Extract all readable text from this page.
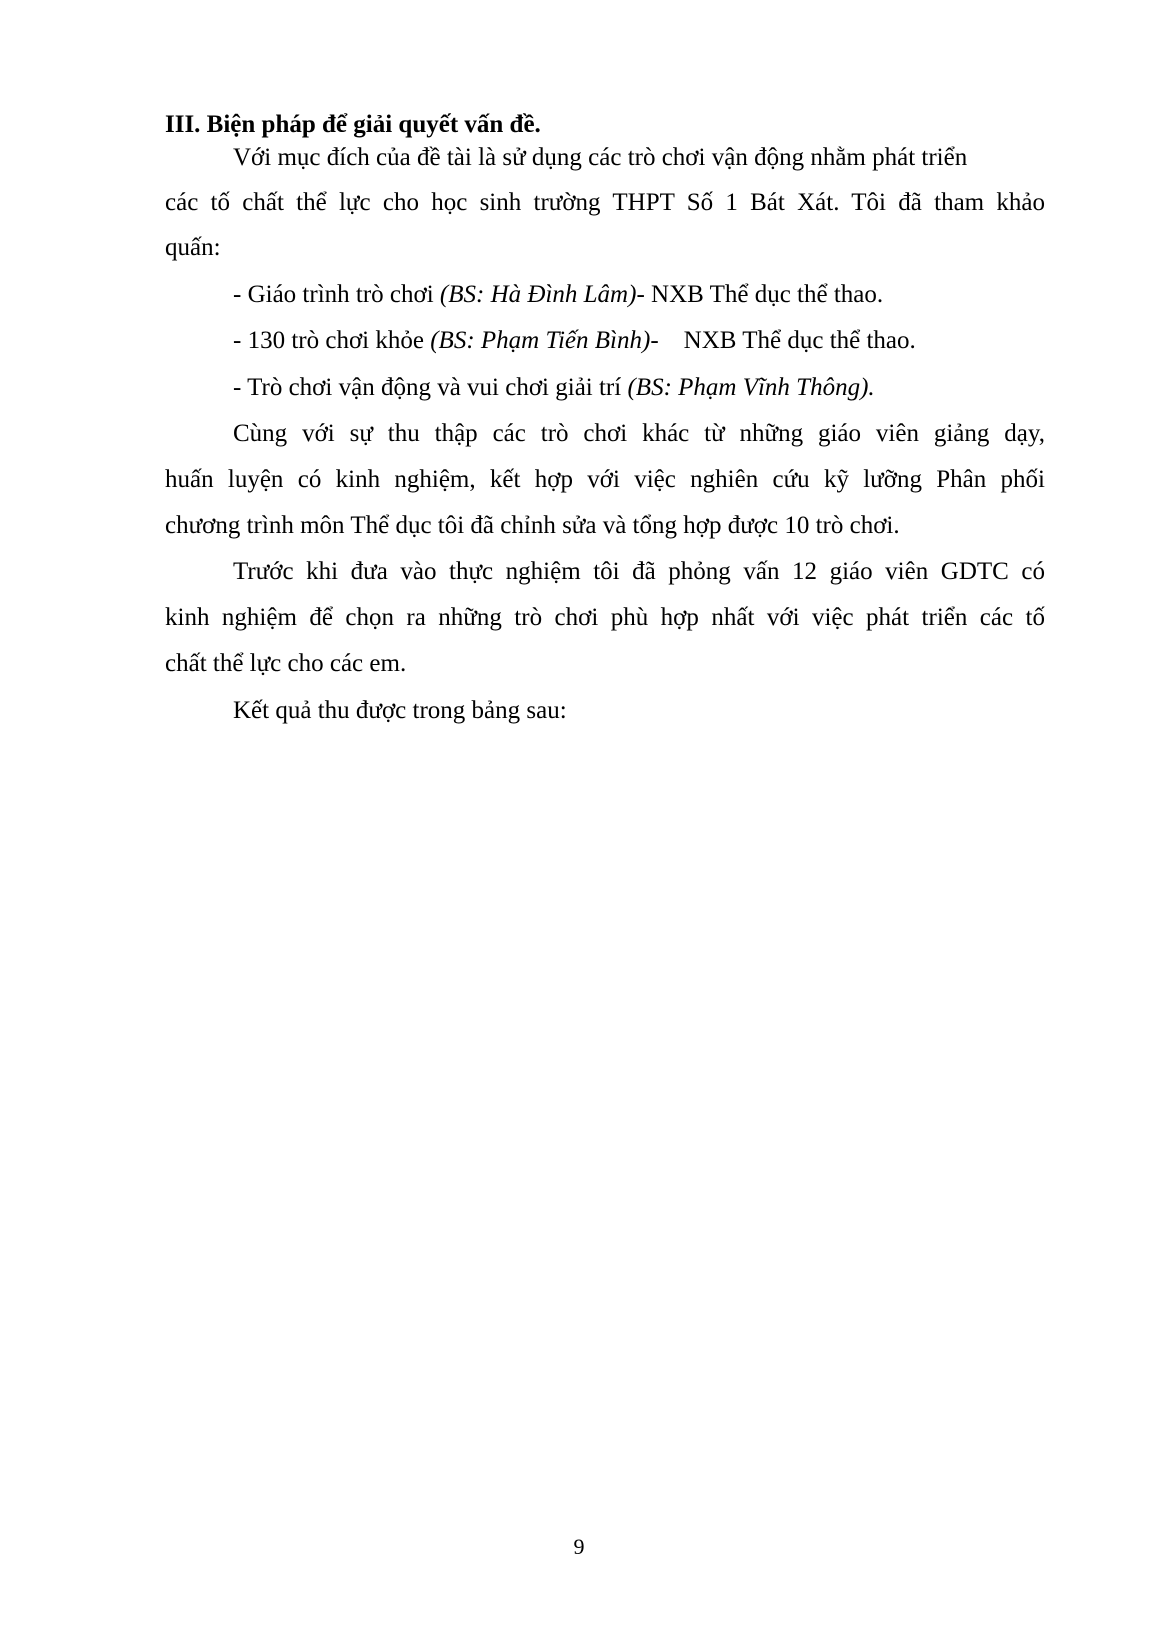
III. Biện pháp để giải quyết vấn đề.
Với mục đích của đề tài là sử dụng các trò chơi vận động nhằm phát triển
các tố chất thể lực cho học sinh trường THPT Số 1 Bát Xát. Tôi đã tham khảo
quấn:
- Giáo trình trò chơi (BS: Hà Đình Lâm)- NXB Thể dục thể thao.
- 130 trò chơi khỏe (BS: Phạm Tiến Bình)-    NXB Thể dục thể thao.
- Trò chơi vận động và vui chơi giải trí (BS: Phạm Vĩnh Thông).
Cùng với sự thu thập các trò chơi khác từ những giáo viên giảng dạy,
huấn luyện có kinh nghiệm, kết hợp với việc nghiên cứu kỹ lưỡng Phân phối
chương trình môn Thể dục tôi đã chỉnh sửa và tổng hợp được 10 trò chơi.
Trước khi đưa vào thực nghiệm tôi đã phỏng vấn 12 giáo viên GDTC có
kinh nghiệm để chọn ra những trò chơi phù hợp nhất với việc phát triển các tố
chất thể lực cho các em.
Kết quả thu được trong bảng sau:
9
